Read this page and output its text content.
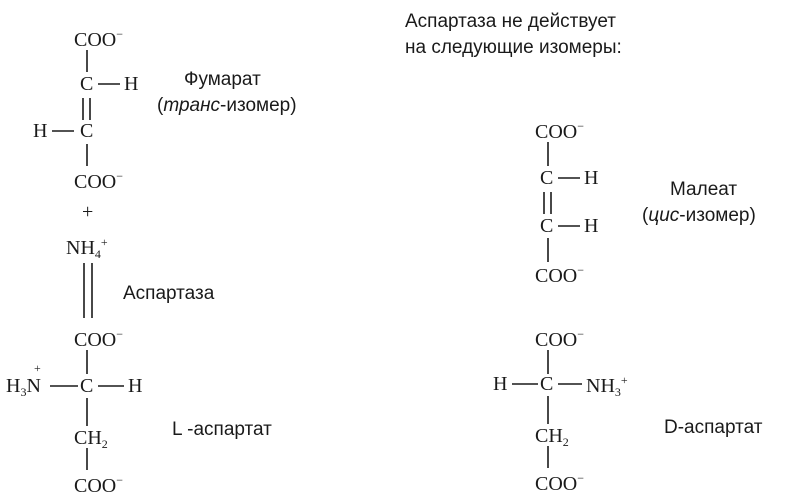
Аспартаза не действует
на следующие изомеры:
COO−
C H
H C
COO−
Фумарат
(транс-изомер)
+
$NH_4^+$
Аспартаза
COO−
+
$H_3N$ C H
$CH_2$
COO−
L -аспартат
COO−
C H
C H
COO−
Малеат
(цис-изомер)
COO−
H C $NH_3^+$
$CH_2$
COO−
D-аспартат
